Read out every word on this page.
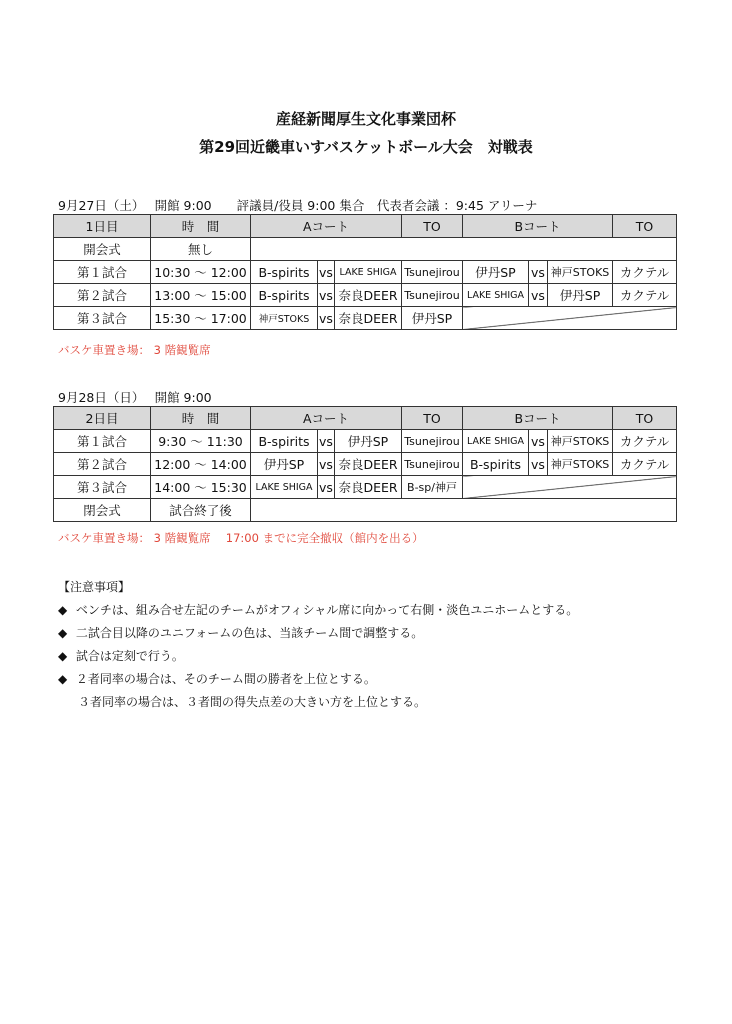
産経新聞厚生文化事業団杯
第29回近畿車いすバスケットボール大会　対戦表
9月27日（土）　 開館 9:00　　評議員/役員 9:00 集合　代表者会議 ：9:45 アリーナ
1日目	時　間	Aコート			TO	Bコート			TO
開会式	無し								
第１試合	10:30 ～ 12:00	B-spirits	vs	LAKE SHIGA	Tsunejirou	伊丹SP	vs	神戸STOKS	カクテル
第２試合	13:00 ～ 15:00	B-spirits	vs	奈良DEER	Tsunejirou	LAKE SHIGA	vs	伊丹SP	カクテル
第３試合	15:30 ～ 17:00	神戸STOKS	vs	奈良DEER	伊丹SP				
バスケ車置き場： 3 階観覧席
9月28日（日）　 開館 9:00
2日目	時　間	Aコート			TO	Bコート			TO
第１試合	9:30 ～ 11:30	B-spirits	vs	伊丹SP	Tsunejirou	LAKE SHIGA	vs	神戸STOKS	カクテル
第２試合	12:00 ～ 14:00	伊丹SP	vs	奈良DEER	Tsunejirou	B-spirits	vs	神戸STOKS	カクテル
第３試合	14:00 ～ 15:30	LAKE SHIGA	vs	奈良DEER	B-sp/神戸				
閉会式	試合終了後								
バスケ車置き場： 3 階観覧席　 17:00 までに完全撤収（館内を出る）
【注意事項】
◆ ベンチは、組み合せ左記のチームがオフィシャル席に向かって右側・淡色ユニホームとする。
◆ 二試合目以降のユニフォームの色は、当該チーム間で調整する。
◆ 試合は定刻で行う。
◆ ２者同率の場合は、そのチーム間の勝者を上位とする。
３者同率の場合は、３者間の得失点差の大きい方を上位とする。
